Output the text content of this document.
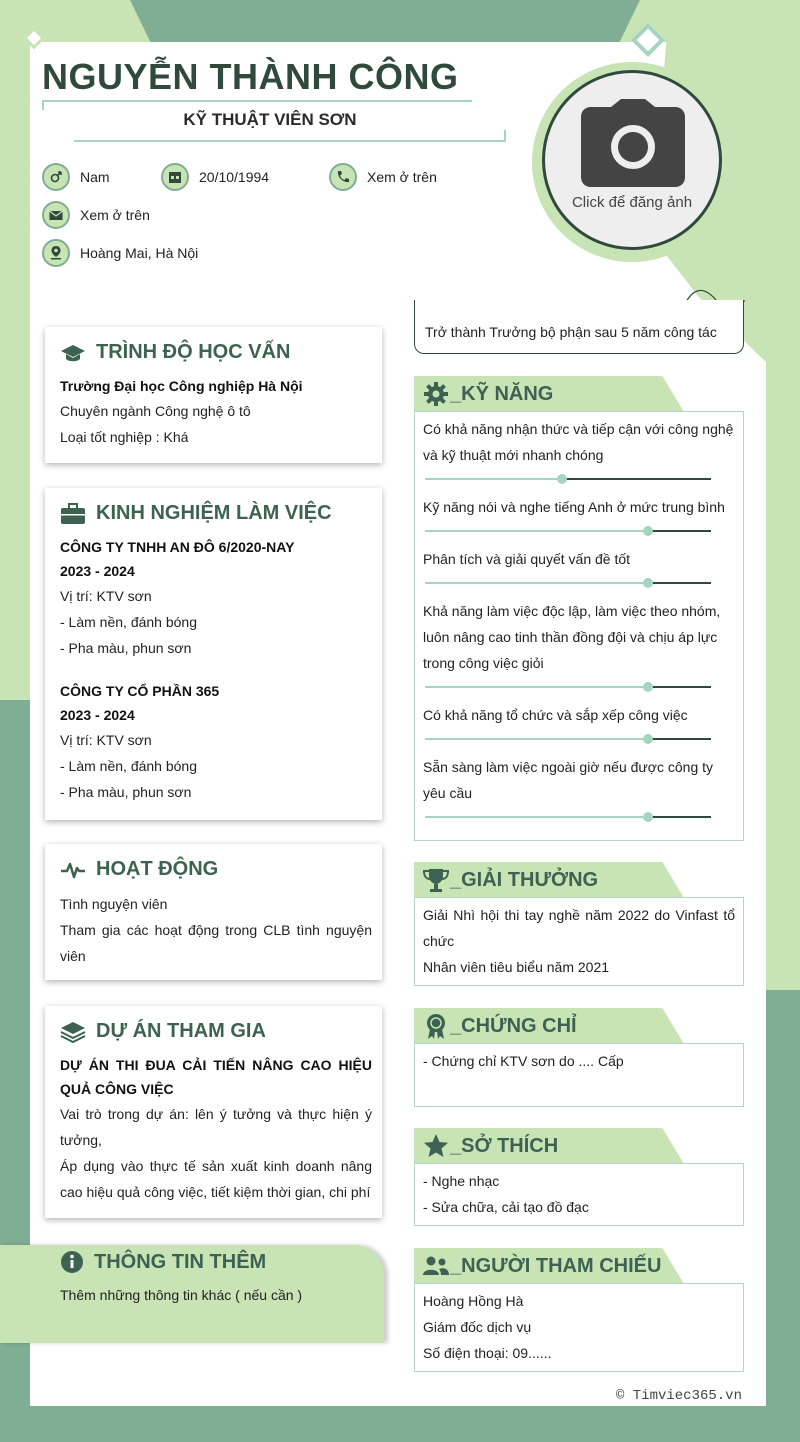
NGUYỄN THÀNH CÔNG
KỸ THUẬT VIÊN SƠN
Nam	20/10/1994	Xem ở trên
Xem ở trên
Hoàng Mai, Hà Nội
Click để đăng ảnh
Trở thành Trưởng bộ phận sau 5 năm công tác
TRÌNH ĐỘ HỌC VẤN
Trường Đại học Công nghiệp Hà Nội
Chuyên ngành Công nghệ ô tô
Loại tốt nghiệp : Khá
KINH NGHIỆM LÀM VIỆC
CÔNG TY TNHH AN ĐÔ 6/2020-NAY
2023 - 2024
Vị trí: KTV sơn
- Làm nền, đánh bóng
- Pha màu, phun sơn
CÔNG TY CỔ PHẦN 365
2023 - 2024
Vị trí: KTV sơn
- Làm nền, đánh bóng
- Pha màu, phun sơn
HOẠT ĐỘNG
Tình nguyện viên
Tham gia các hoạt động trong CLB tình nguyện viên
DỰ ÁN THAM GIA
DỰ ÁN THI ĐUA CẢI TIẾN NÂNG CAO HIỆU QUẢ CÔNG VIỆC
Vai trò trong dự án: lên ý tưởng và thực hiện ý tưởng,
Áp dụng vào thực tế sản xuất kinh doanh nâng cao hiệu quả công việc, tiết kiệm thời gian, chi phí
THÔNG TIN THÊM
Thêm những thông tin khác ( nếu cần )
_KỸ NĂNG
Có khả năng nhận thức và tiếp cận với công nghệ và kỹ thuật mới nhanh chóng
Kỹ năng nói và nghe tiếng Anh ở mức trung bình
Phân tích và giải quyết vấn đề tốt
Khả năng làm việc độc lập, làm việc theo nhóm, luôn nâng cao tinh thần đồng đội và chịu áp lực trong công việc giỏi
Có khả năng tổ chức và sắp xếp công việc
Sẵn sàng làm việc ngoài giờ nếu được công ty yêu cầu
_GIẢI THƯỞNG
Giải Nhì hội thi tay nghề năm 2022 do Vinfast tổ chức
Nhân viên tiêu biểu năm 2021
_CHỨNG CHỈ
- Chứng chỉ KTV sơn do .... Cấp
_SỞ THÍCH
- Nghe nhạc
- Sửa chữa, cải tạo đồ đạc
_NGƯỜI THAM CHIẾU
Hoàng Hồng Hà
Giám đốc dịch vụ
Số điện thoại: 09......
© Timviec365.vn
